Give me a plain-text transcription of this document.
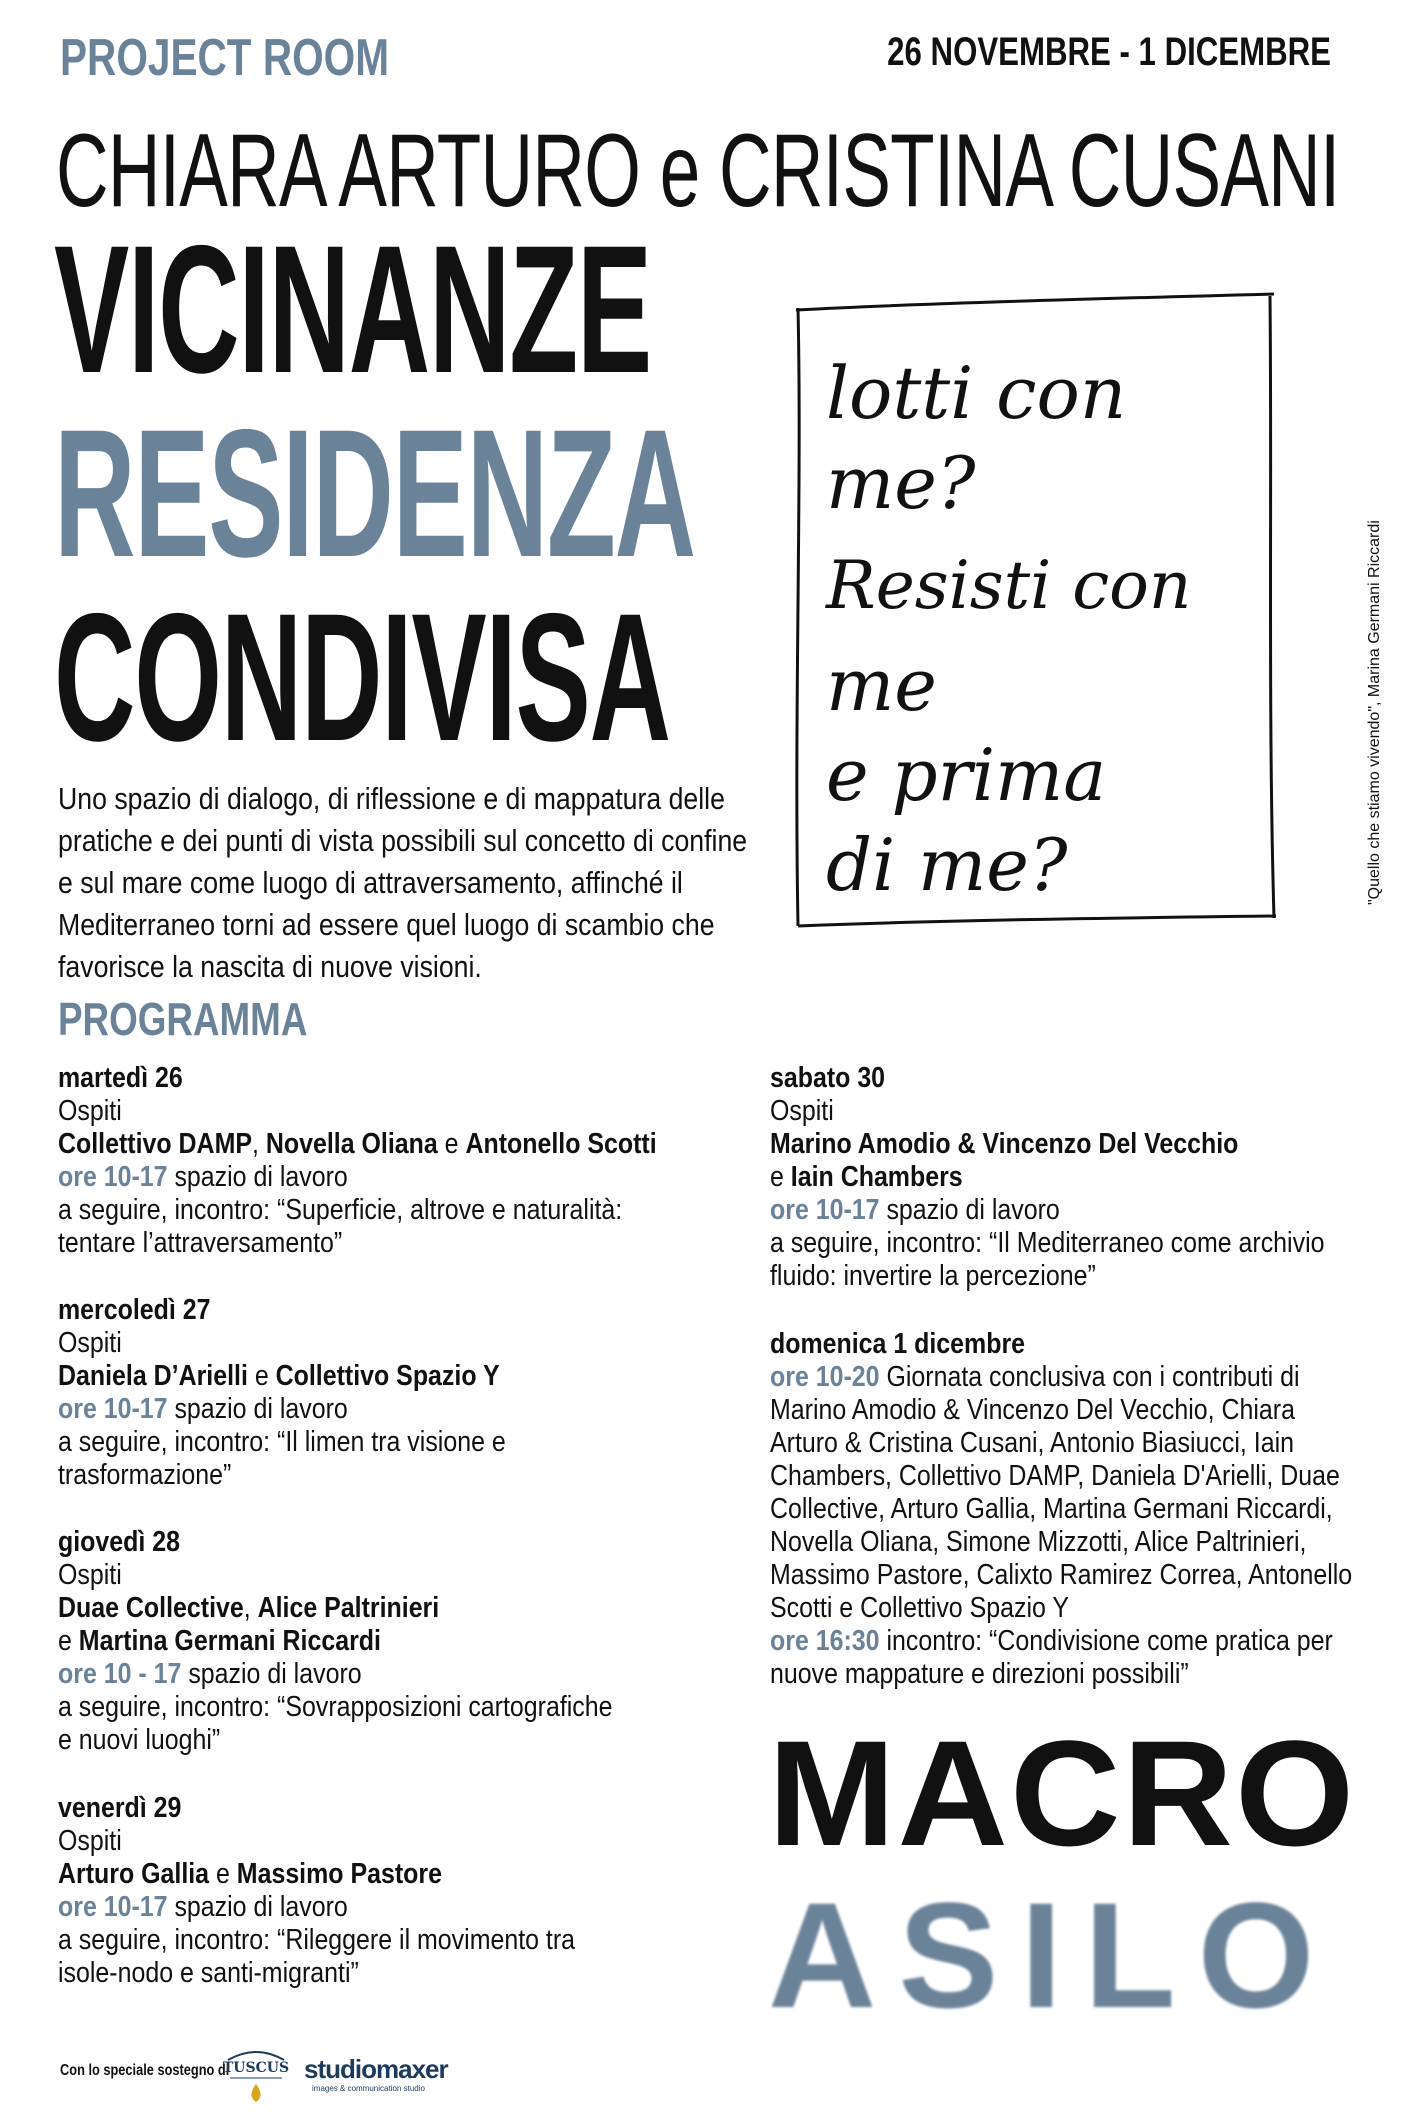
PROJECT ROOM	26 NOVEMBRE - 1 DICEMBRE
CHIARA ARTURO e CRISTINA CUSANI
VICINANZE
RESIDENZA
CONDIVISA
Uno spazio di dialogo, di riflessione e di mappatura delle
pratiche e dei punti di vista possibili sul concetto di confine
e sul mare come luogo di attraversamento, affinché il
Mediterraneo torni ad essere quel luogo di scambio che
favorisce la nascita di nuove visioni.
lotti con
me?
Resisti con
me
e prima
di me?	"Quello che stiamo vivendo", Marina Germani Riccardi
PROGRAMMA
martedì 26
Ospiti
Collettivo DAMP, Novella Oliana e Antonello Scotti
ore 10-17 spazio di lavoro
a seguire, incontro: “Superficie, altrove e naturalità:
tentare l’attraversamento”
mercoledì 27
Ospiti
Daniela D’Arielli e Collettivo Spazio Y
ore 10-17 spazio di lavoro
a seguire, incontro: “Il limen tra visione e
trasformazione”
giovedì 28
Ospiti
Duae Collective, Alice Paltrinieri
e Martina Germani Riccardi
ore 10 - 17 spazio di lavoro
a seguire, incontro: “Sovrapposizioni cartografiche
e nuovi luoghi”
venerdì 29
Ospiti
Arturo Gallia e Massimo Pastore
ore 10-17 spazio di lavoro
a seguire, incontro: “Rileggere il movimento tra
isole-nodo e santi-migranti”
sabato 30
Ospiti
Marino Amodio & Vincenzo Del Vecchio
e Iain Chambers
ore 10-17 spazio di lavoro
a seguire, incontro: “Il Mediterraneo come archivio
fluido: invertire la percezione”
domenica 1 dicembre
ore 10-20 Giornata conclusiva con i contributi di
Marino Amodio & Vincenzo Del Vecchio, Chiara
Arturo & Cristina Cusani, Antonio Biasiucci, Iain
Chambers, Collettivo DAMP, Daniela D'Arielli, Duae
Collective, Arturo Gallia, Martina Germani Riccardi,
Novella Oliana, Simone Mizzotti, Alice Paltrinieri,
Massimo Pastore, Calixto Ramirez Correa, Antonello
Scotti e Collettivo Spazio Y
ore 16:30 incontro: “Condivisione come pratica per
nuove mappature e direzioni possibili”
MACRO
ASILO
Con lo speciale sostegno di
TUSCUS studiomaxer
images & communication studio
